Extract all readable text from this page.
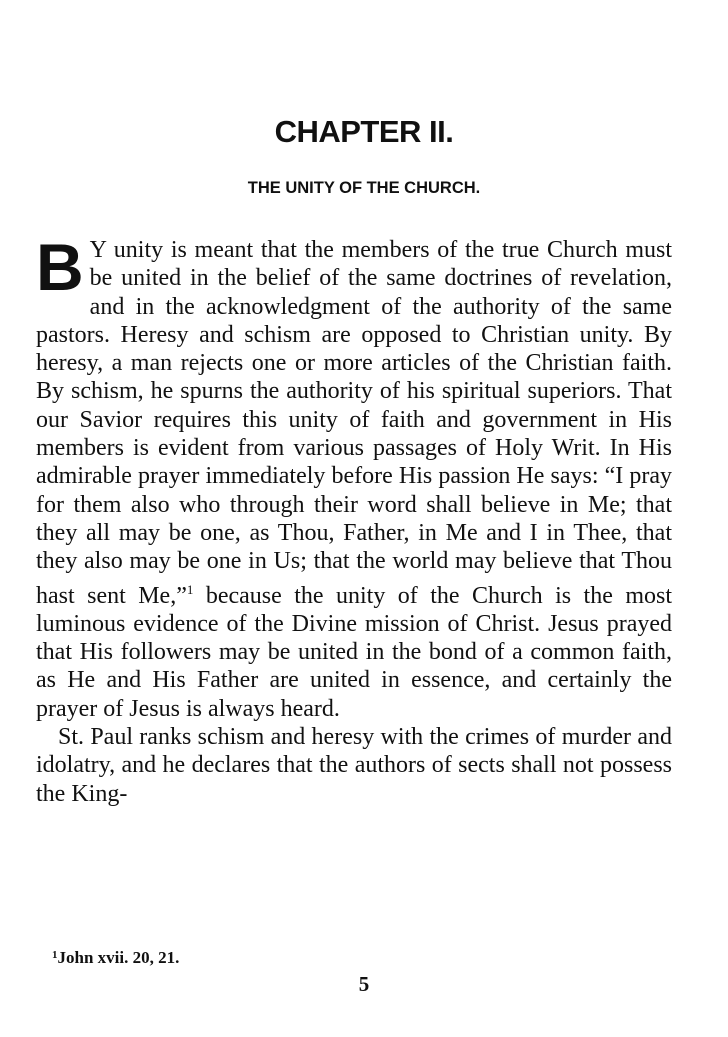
CHAPTER II.
THE UNITY OF THE CHURCH.

B Y unity is meant that the members of the true Church must be united in the belief of the same doctrines of revelation, and in the acknowledgment of the authority of the same pastors. Heresy and schism are opposed to Christian unity. By heresy, a man rejects one or more articles of the Christian faith. By schism, he spurns the authority of his spiritual superiors. That our Savior requires this unity of faith and government in His members is evident from various passages of Holy Writ. In His admirable prayer immediately before His passion He says: “I pray for them also who through their word shall believe in Me; that they all may be one, as Thou, Father, in Me and I in Thee, that they also may be one in Us; that the world may believe that Thou hast sent Me,”$^1$ because the unity of the Church is the most luminous evidence of the Divine mission of Christ. Jesus prayed that His followers may be united in the bond of a common faith, as He and His Father are united in essence, and certainly the prayer of Jesus is always heard.

St. Paul ranks schism and heresy with the crimes of murder and idolatry, and he declares that the authors of sects shall not possess the King-

$^1$John xvii. 20, 21.
5
